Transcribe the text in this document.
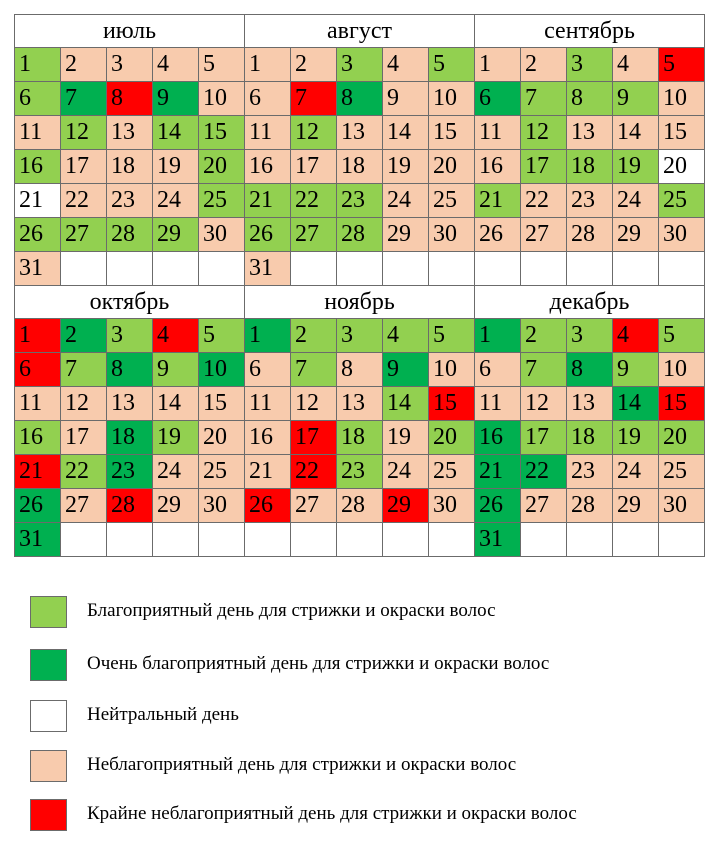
июль					август					сентябрь				

1	2	3	4	5	1	2	3	4	5	1	2	3	4	5

6	7	8	9	10	6	7	8	9	10	6	7	8	9	10

11	12	13	14	15	11	12	13	14	15	11	12	13	14	15

16	17	18	19	20	16	17	18	19	20	16	17	18	19	20

21	22	23	24	25	21	22	23	24	25	21	22	23	24	25

26	27	28	29	30	26	27	28	29	30	26	27	28	29	30

31					31									

октябрь					ноябрь					декабрь				

1	2	3	4	5	1	2	3	4	5	1	2	3	4	5

6	7	8	9	10	6	7	8	9	10	6	7	8	9	10

11	12	13	14	15	11	12	13	14	15	11	12	13	14	15

16	17	18	19	20	16	17	18	19	20	16	17	18	19	20

21	22	23	24	25	21	22	23	24	25	21	22	23	24	25

26	27	28	29	30	26	27	28	29	30	26	27	28	29	30

31										31				

Благоприятный день для стрижки и окраски волос
Очень благоприятный день для стрижки и окраски волос
Нейтральный день
Неблагоприятный день для стрижки и окраски волос
Крайне неблагоприятный день для стрижки и окраски волос
